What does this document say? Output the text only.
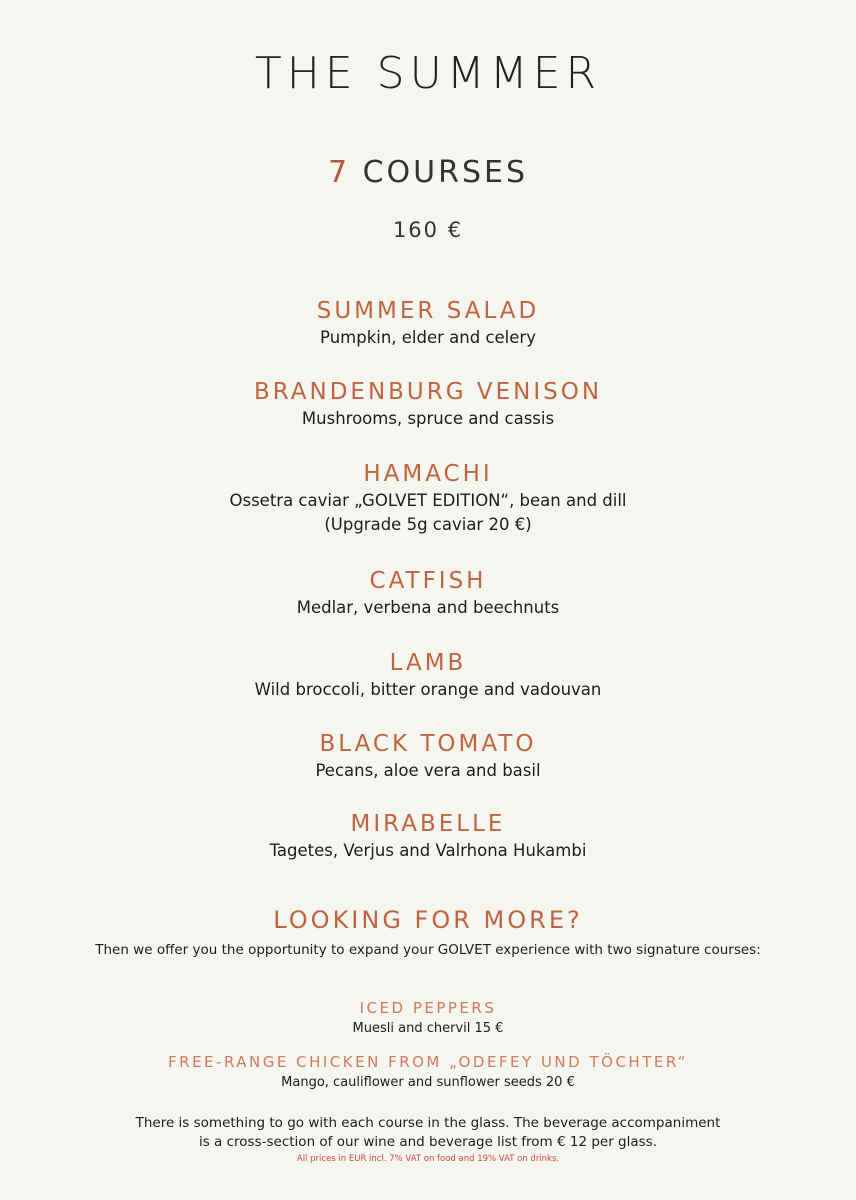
THE SUMMER
7 COURSES
160 €
SUMMER SALAD
Pumpkin, elder and celery
BRANDENBURG VENISON
Mushrooms, spruce and cassis
HAMACHI
Ossetra caviar „GOLVET EDITION“, bean and dill
(Upgrade 5g caviar 20 €)
CATFISH
Medlar, verbena and beechnuts
LAMB
Wild broccoli, bitter orange and vadouvan
BLACK TOMATO
Pecans, aloe vera and basil
MIRABELLE
Tagetes, Verjus and Valrhona Hukambi
LOOKING FOR MORE?
Then we offer you the opportunity to expand your GOLVET experience with two signature courses:
ICED PEPPERS
Muesli and chervil 15 €
FREE-RANGE CHICKEN FROM „ODEFEY UND TÖCHTER“
Mango, cauliflower and sunflower seeds 20 €
There is something to go with each course in the glass. The beverage accompaniment
is a cross-section of our wine and beverage list from € 12 per glass.
All prices in EUR incl. 7% VAT on food and 19% VAT on drinks.
